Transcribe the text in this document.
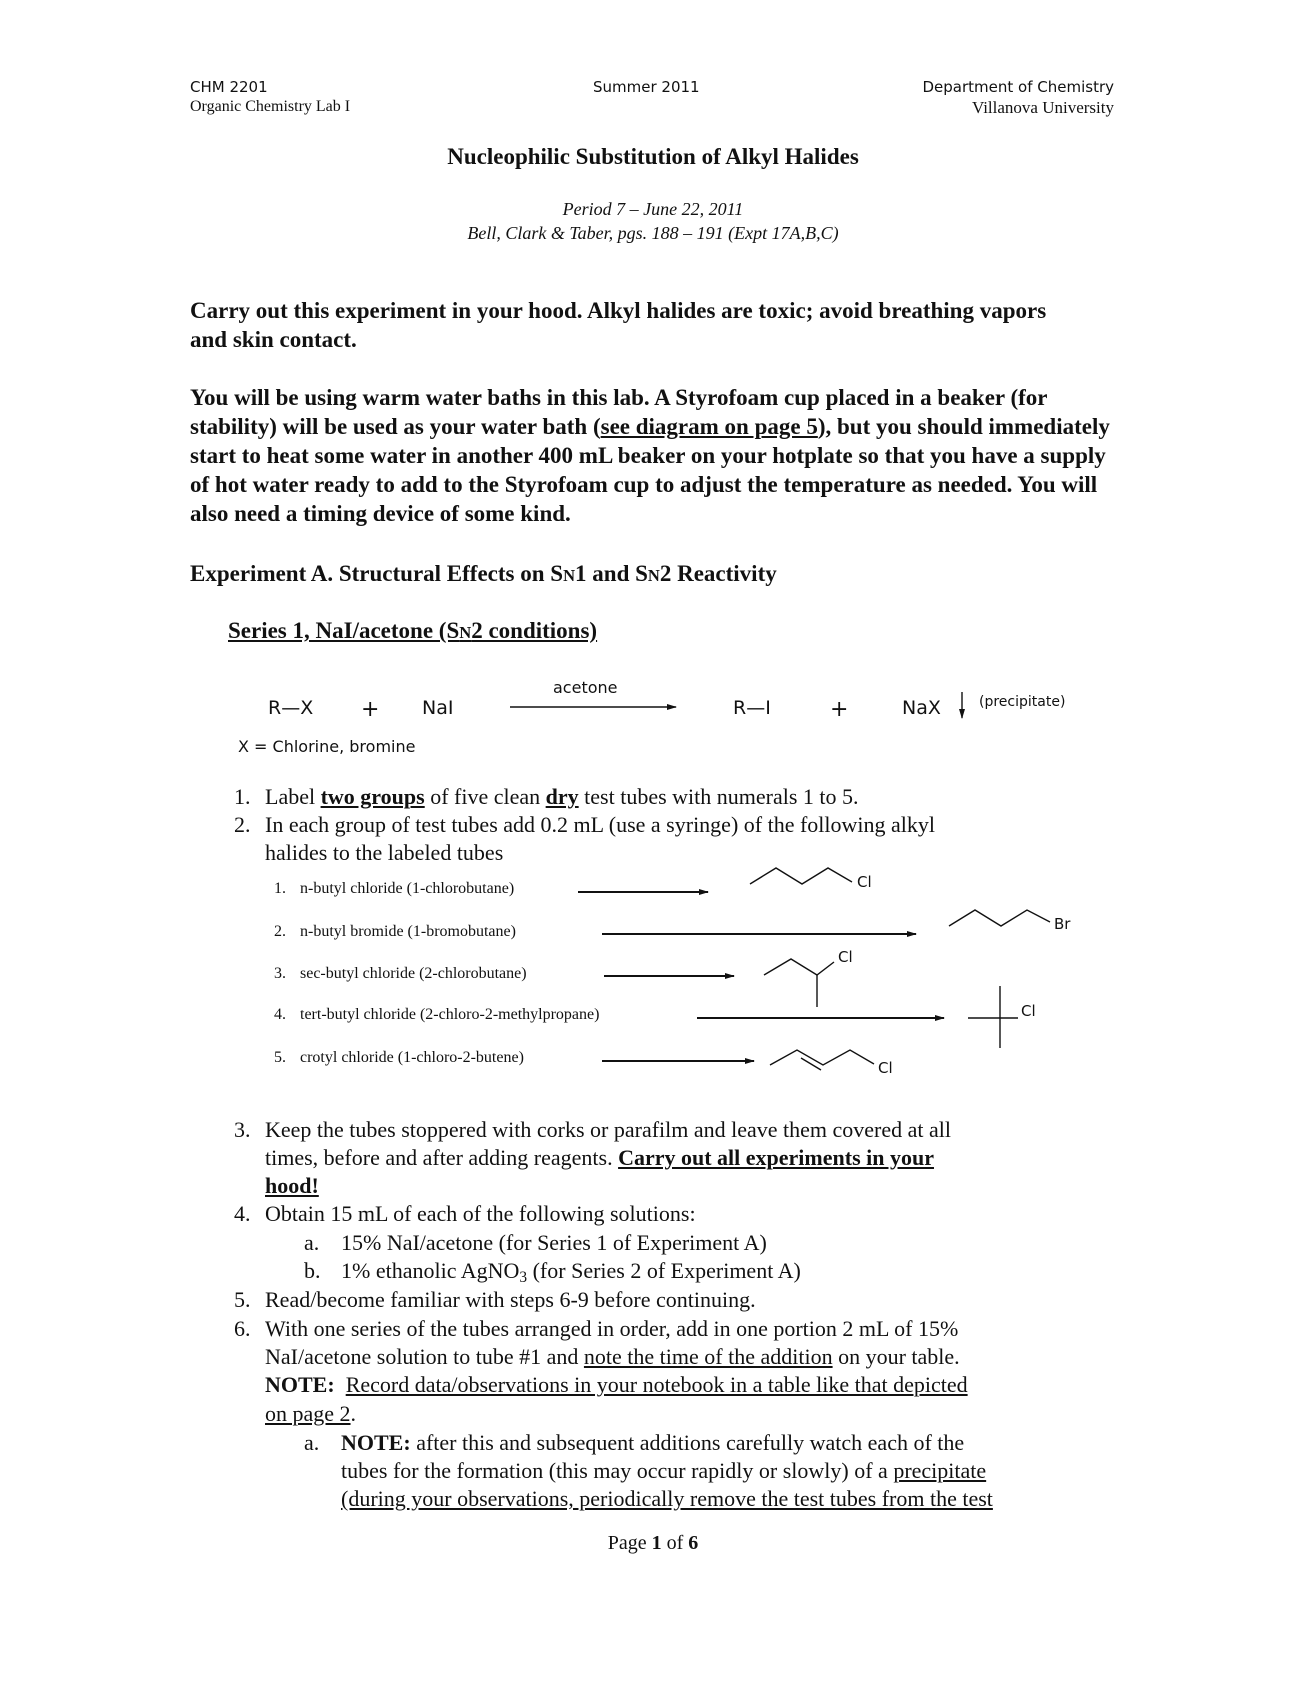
CHM 2201
Organic Chemistry Lab I
Summer 2011	Department of Chemistry
Villanova University
Nucleophilic Substitution of Alkyl Halides
Period 7 – June 22, 2011
Bell, Clark & Taber, pgs. 188 – 191 (Expt 17A,B,C)
Carry out this experiment in your hood. Alkyl halides are toxic; avoid breathing vapors and skin contact.
You will be using warm water baths in this lab. A Styrofoam cup placed in a beaker (for stability) will be used as your water bath (see diagram on page 5), but you should immediately start to heat some water in another 400 mL beaker on your hotplate so that you have a supply of hot water ready to add to the Styrofoam cup to adjust the temperature as needed. You will also need a timing device of some kind.
Experiment A. Structural Effects on SN1 and SN2 Reactivity
Series 1, NaI/acetone (SN2 conditions)
R—X + NaI
acetone
R—I	+	NaX	(precipitate)
X = Chlorine, bromine
1. Label two groups of five clean dry test tubes with numerals 1 to 5.
2. In each group of test tubes add 0.2 mL (use a syringe) of the following alkyl
halides to the labeled tubes
1. n-butyl chloride (1-chlorobutane)
2. n-butyl bromide (1-bromobutane)
3. sec-butyl chloride (2-chlorobutane)
4. tert-butyl chloride (2-chloro-2-methylpropane)
5. crotyl chloride (1-chloro-2-butene)
Cl
Br
Cl
Cl
Cl
3. Keep the tubes stoppered with corks or parafilm and leave them covered at all
times, before and after adding reagents. Carry out all experiments in your
hood!
4. Obtain 15 mL of each of the following solutions:
a. 15% NaI/acetone (for Series 1 of Experiment A)
b. 1% ethanolic AgNO$_3$ (for Series 2 of Experiment A)
5. Read/become familiar with steps 6-9 before continuing.
6. With one series of the tubes arranged in order, add in one portion 2 mL of 15%
NaI/acetone solution to tube #1 and note the time of the addition on your table.
NOTE: Record data/observations in your notebook in a table like that depicted
on page 2.
a. NOTE: after this and subsequent additions carefully watch each of the
tubes for the formation (this may occur rapidly or slowly) of a precipitate
(during your observations, periodically remove the test tubes from the test
Page 1 of 6
